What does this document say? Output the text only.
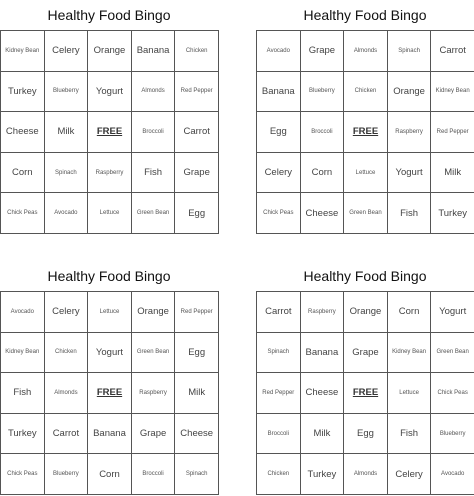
Healthy Food Bingo
Kidney Bean	Celery	Orange	Banana	Chicken
Turkey	Blueberry	Yogurt	Almonds	Red Pepper
Cheese	Milk	FREE	Broccoli	Carrot
Corn	Spinach	Raspberry	Fish	Grape
Chick Peas	Avocado	Lettuce	Green Bean	Egg
Healthy Food Bingo
Avocado	Grape	Almonds	Spinach	Carrot
Banana	Blueberry	Chicken	Orange	Kidney Bean
Egg	Broccoli	FREE	Raspberry	Red Pepper
Celery	Corn	Lettuce	Yogurt	Milk
Chick Peas	Cheese	Green Bean	Fish	Turkey
Healthy Food Bingo
Avocado	Celery	Lettuce	Orange	Red Pepper
Kidney Bean	Chicken	Yogurt	Green Bean	Egg
Fish	Almonds	FREE	Raspberry	Milk
Turkey	Carrot	Banana	Grape	Cheese
Chick Peas	Blueberry	Corn	Broccoli	Spinach
Healthy Food Bingo
Carrot	Raspberry	Orange	Corn	Yogurt
Spinach	Banana	Grape	Kidney Bean	Green Bean
Red Pepper	Cheese	FREE	Lettuce	Chick Peas
Broccoli	Milk	Egg	Fish	Blueberry
Chicken	Turkey	Almonds	Celery	Avocado
